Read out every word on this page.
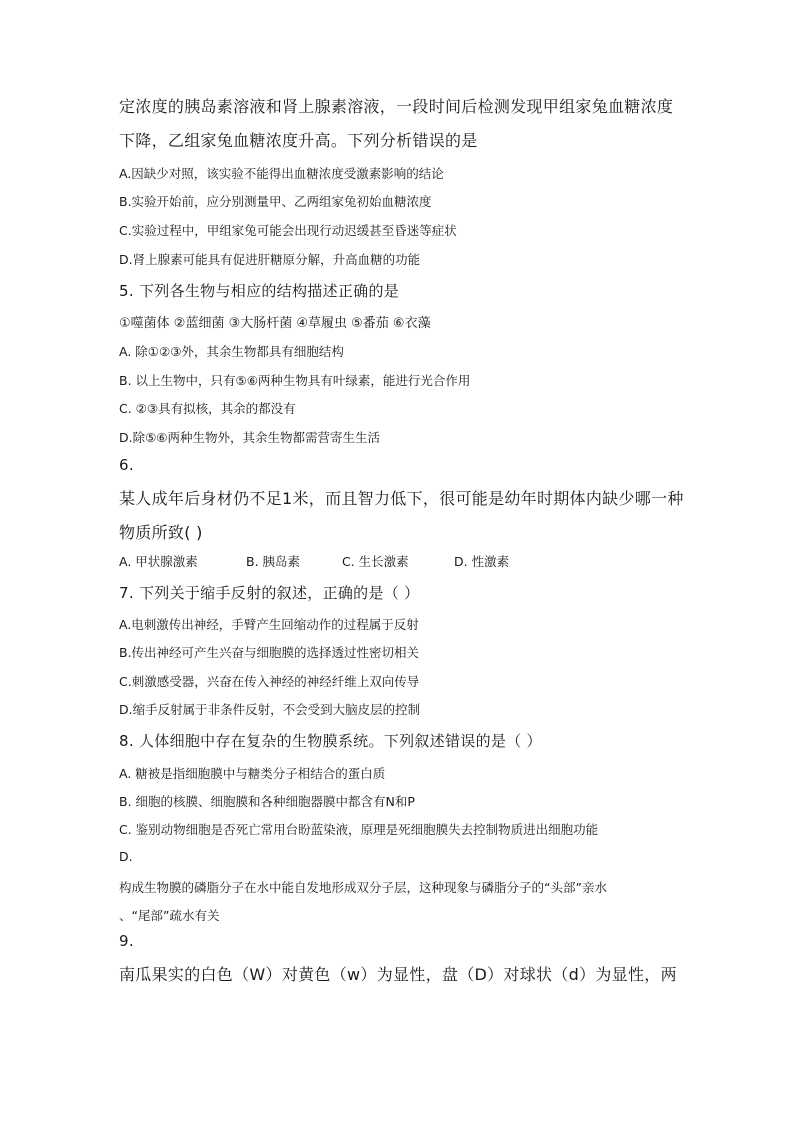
定浓度的胰岛素溶液和肾上腺素溶液，一段时间后检测发现甲组家兔血糖浓度
下降，乙组家兔血糖浓度升高。下列分析错误的是
A.因缺少对照，该实验不能得出血糖浓度受激素影响的结论
B.实验开始前，应分别测量甲、乙两组家兔初始血糖浓度
C.实验过程中，甲组家兔可能会出现行动迟缓甚至昏迷等症状
D.肾上腺素可能具有促进肝糖原分解，升高血糖的功能
5. 下列各生物与相应的结构描述正确的是
①噬菌体 ②蓝细菌 ③大肠杆菌 ④草履虫 ⑤番茄 ⑥衣藻
A. 除①②③外，其余生物都具有细胞结构
B. 以上生物中，只有⑤⑥两种生物具有叶绿素，能进行光合作用
C. ②③具有拟核，其余的都没有
D.除⑤⑥两种生物外，其余生物都需营寄生生活
6.
某人成年后身材仍不足1米，而且智力低下，很可能是幼年时期体内缺少哪一种
物质所致( )
A. 甲状腺激素	B. 胰岛素	C. 生长激素	D. 性激素
7. 下列关于缩手反射的叙述，正确的是（ ）
A.电刺激传出神经，手臂产生回缩动作的过程属于反射
B.传出神经可产生兴奋与细胞膜的选择透过性密切相关
C.刺激感受器，兴奋在传入神经的神经纤维上双向传导
D.缩手反射属于非条件反射，不会受到大脑皮层的控制
8. 人体细胞中存在复杂的生物膜系统。下列叙述错误的是（ ）
A. 糖被是指细胞膜中与糖类分子相结合的蛋白质
B. 细胞的核膜、细胞膜和各种细胞器膜中都含有N和P
C. 鉴别动物细胞是否死亡常用台盼蓝染液，原理是死细胞膜失去控制物质进出细胞功能
D.
构成生物膜的磷脂分子在水中能自发地形成双分子层，这种现象与磷脂分子的“头部”亲水
、“尾部”疏水有关
9.
南瓜果实的白色（W）对黄色（w）为显性，盘（D）对球状（d）为显性，两
